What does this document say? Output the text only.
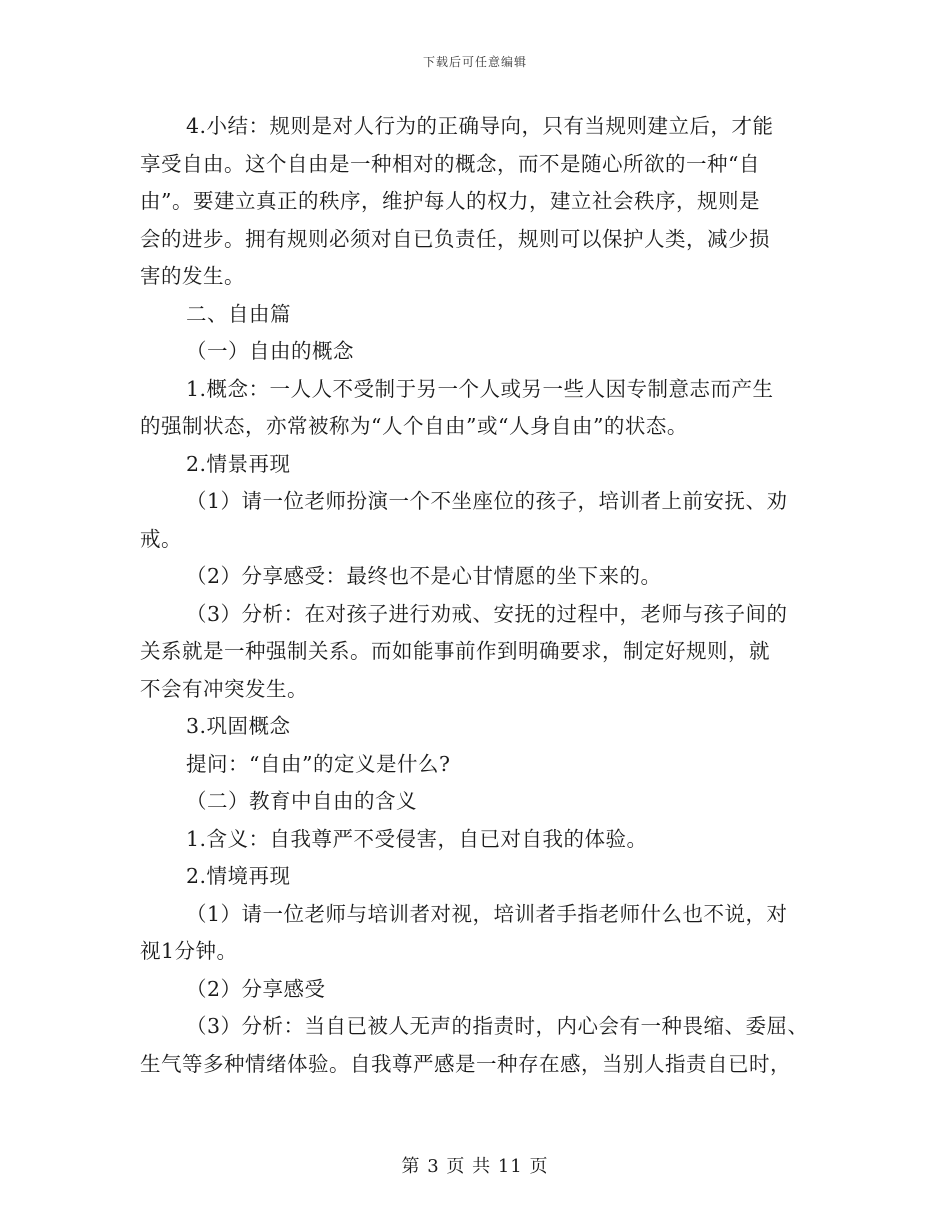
下载后可任意编辑
4.小结：规则是对人行为的正确导向，只有当规则建立后，才能
享受自由。这个自由是一种相对的概念，而不是随心所欲的一种“自
由”。要建立真正的秩序，维护每人的权力，建立社会秩序，规则是
会的进步。拥有规则必须对自已负责任，规则可以保护人类，减少损
害的发生。
二、自由篇
（一）自由的概念
1.概念：一人人不受制于另一个人或另一些人因专制意志而产生
的强制状态，亦常被称为“人个自由”或“人身自由”的状态。
2.情景再现
（1）请一位老师扮演一个不坐座位的孩子，培训者上前安抚、劝
戒。
（2）分享感受：最终也不是心甘情愿的坐下来的。
（3）分析：在对孩子进行劝戒、安抚的过程中，老师与孩子间的
关系就是一种强制关系。而如能事前作到明确要求，制定好规则，就
不会有冲突发生。
3.巩固概念
提问：“自由”的定义是什么?
（二）教育中自由的含义
1.含义：自我尊严不受侵害，自已对自我的体验。
2.情境再现
（1）请一位老师与培训者对视，培训者手指老师什么也不说，对
视1分钟。
（2）分享感受
（3）分析：当自已被人无声的指责时，内心会有一种畏缩、委屈、
生气等多种情绪体验。自我尊严感是一种存在感，当别人指责自已时，
第 3 页 共 11 页
